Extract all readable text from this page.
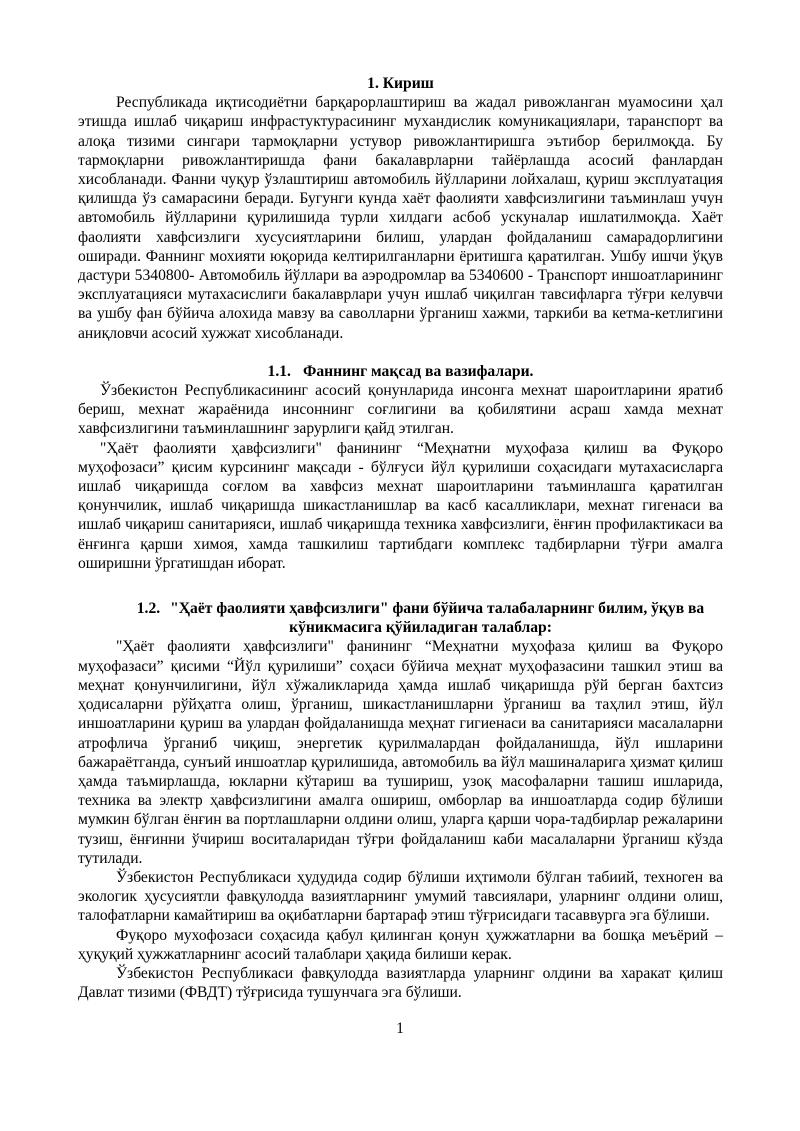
1. Кириш

Республикада иқтисодиётни барқарорлаштириш ва жадал ривожланган муамосини ҳал этишда ишлаб чиқариш инфрастуктурасининг мухандислик комуникациялари, таранспорт ва алоқа тизими сингари тармоқларни устувор ривожлантиришга эътибор берилмоқда. Бу тармоқларни ривожлантиришда фани бакалаврларни тайёрлашда асосий фанлардан хисобланади. Фанни чуқур ўзлаштириш автомобиль йўлларини лойхалаш, қуриш эксплуатация қилишда ўз самарасини беради. Бугунги кунда хаёт фаолияти хавфсизлигини таъминлаш учун автомобиль йўлларини қурилишида турли хилдаги асбоб ускуналар ишлатилмоқда. Хаёт фаолияти хавфсизлиги хусусиятларини билиш, улардан фойдаланиш самарадорлигини оширади. Фаннинг мохияти юқорида келтирилганларни ёритишга қаратилган. Ушбу ишчи ўқув дастури 5340800- Автомобиль йўллари ва аэродромлар ва 5340600 - Транспорт иншоатларининг эксплуатацияси мутахасислиги бакалаврлари учун ишлаб чиқилган тавсифларга тўғри келувчи ва ушбу фан бўйича алохида мавзу ва саволларни ўрганиш хажми, таркиби ва кетма-кетлигини аниқловчи асосий хужжат хисобланади.

1.1. Фаннинг мақсад ва вазифалари.

Ўзбекистон Республикасининг асосий қонунларида инсонга мехнат шароитларини яратиб бериш, мехнат жараёнида инсоннинг соғлигини ва қобилятини асраш хамда мехнат хавфсизлигини таъминлашнинг зарурлиги қайд этилган.

"Ҳаёт фаолияти ҳавфсизлиги" фанининг “Меҳнатни муҳофаза қилиш ва Фуқоро муҳофозаси” қисим курсининг мақсади - бўлғуси йўл қурилиши соҳасидаги мутахасисларга ишлаб чиқаришда соғлом ва хавфсиз мехнат шароитларини таъминлашга қаратилган қонунчилик, ишлаб чиқаришда шикастланишлар ва касб касалликлари, мехнат гигенаси ва ишлаб чиқариш санитарияси, ишлаб чиқаришда техника хавфсизлиги, ёнғин профилактикаси ва ёнғинга қарши химоя, хамда ташкилиш тартибдаги комплекс тадбирларни тўғри амалга оширишни ўргатишдан иборат.

1.2. "Ҳаёт фаолияти ҳавфсизлиги" фани бўйича талабаларнинг билим, ўқув ва кўникмасига қўйиладиган талаблар:

"Ҳаёт фаолияти ҳавфсизлиги" фанининг “Меҳнатни муҳофаза қилиш ва Фуқоро муҳофазаси” қисими “Йўл қурилиши” соҳаси бўйича мeҳнат муҳофазасини ташкил этиш ва меҳнат қонунчилигини, йўл хўжаликларида ҳамда ишлаб чиқаришда рўй берган бахтсиз ҳодисаларни рўйҳатга олиш, ўрганиш, шикастланишларни ўрганиш ва таҳлил этиш, йўл иншоатларини қуриш ва улардан фойдаланишда меҳнат гигиенаси ва санитарияси масалаларни атрофлича ўрганиб чиқиш, энергетик қурилмалардан фойдаланишда, йўл ишларини бажараётганда, сунъий иншоатлар қурилишида, автомобиль ва йўл машиналарига ҳизмат қилиш ҳамда таъмирлашда, юкларни кўтариш ва тушириш, узоқ масофаларни ташиш ишларида, техника ва электр ҳавфсизлигини амалга ошириш, омборлар ва иншоатларда содир бўлиши мумкин бўлган ёнғин ва портлашларни олдини олиш, уларга қарши чора-тадбирлар режаларини тузиш, ёнғинни ўчириш воситаларидан тўғри фойдаланиш каби масалаларни ўрганиш кўзда тутилади.

Ўзбекистон Республикаси ҳудудида содир бўлиши иҳтимоли бўлган табиий, техноген ва экологик ҳусусиятли фавқулодда вазиятларнинг умумий тавсиялари, уларнинг олдини олиш, талофатларни камайтириш ва оқибатларни бартараф этиш тўғрисидаги тасаввурга эга бўлиши.

Фуқоро мухофозаси соҳасида қабул қилинган қонун ҳужжатларни ва бошқа меъёрий – ҳуқуқий ҳужжатларнинг асосий талаблари ҳақида билиши керак.

Ўзбекистон Республикаси фавқулодда вазиятларда уларнинг олдини ва харакат қилиш Давлат тизими (ФВДТ) тўғрисида тушунчага эга бўлиши.

1
